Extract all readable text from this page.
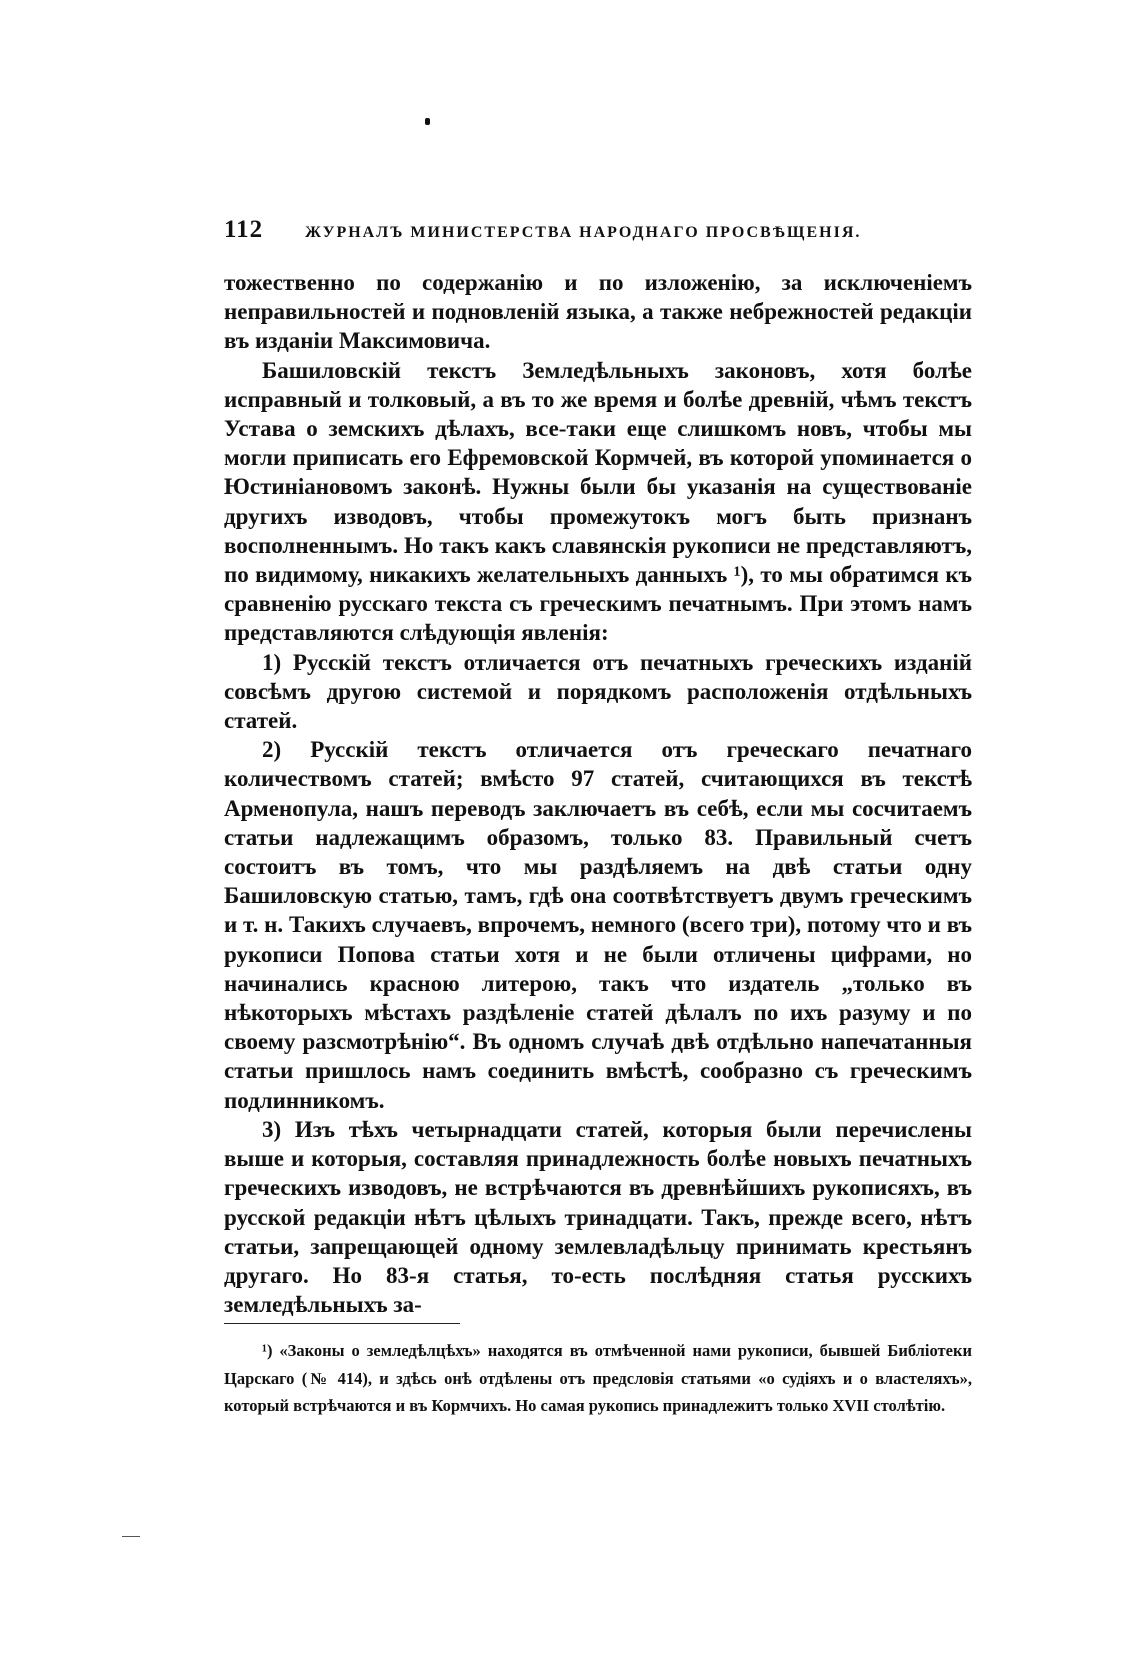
112	ЖУРНАЛЪ МИНИСТЕРСТВА НАРОДНАГО ПРОСВѢЩЕНІЯ.

тожественно по содержанію и по изложенію, за исключеніемъ неправильностей и подновленій языка, а также небрежностей редакціи въ изданіи Максимовича.

Башиловскій текстъ Земледѣльныхъ законовъ, хотя болѣе исправный и толковый, а въ то же время и болѣе древній, чѣмъ текстъ Устава о земскихъ дѣлахъ, все-таки еще слишкомъ новъ, чтобы мы могли приписать его Ефремовской Кормчей, въ которой упоминается о Юстиніановомъ законѣ. Нужны были бы указанія на существованіе другихъ изводовъ, чтобы промежутокъ могъ быть признанъ восполненнымъ. Но такъ какъ славянскія рукописи не представляютъ, по видимому, никакихъ желательныхъ данныхъ ¹), то мы обратимся къ сравненію русскаго текста съ греческимъ печатнымъ. При этомъ намъ представляются слѣдующія явленія:

1) Русскій текстъ отличается отъ печатныхъ греческихъ изданій совсѣмъ другою системой и порядкомъ расположенія отдѣльныхъ статей.

2) Русскій текстъ отличается отъ греческаго печатнаго количествомъ статей; вмѣсто 97 статей, считающихся въ текстѣ Арменопула, нашъ переводъ заключаетъ въ себѣ, если мы сосчитаемъ статьи надлежащимъ образомъ, только 83. Правильный счетъ состоитъ въ томъ, что мы раздѣляемъ на двѣ статьи одну Башиловскую статью, тамъ, гдѣ она соотвѣтствуетъ двумъ греческимъ и т. н. Такихъ случаевъ, впрочемъ, немного (всего три), потому что и въ рукописи Попова статьи хотя и не были отличены цифрами, но начинались красною литерою, такъ что издатель „только въ нѣкоторыхъ мѣстахъ раздѣленіе статей дѣлалъ по ихъ разуму и по своему разсмотрѣнію“. Въ одномъ случаѣ двѣ отдѣльно напечатанныя статьи пришлось намъ соединить вмѣстѣ, сообразно съ греческимъ подлинникомъ.

3) Изъ тѣхъ четырнадцати статей, которыя были перечислены выше и которыя, составляя принадлежность болѣе новыхъ печатныхъ греческихъ изводовъ, не встрѣчаются въ древнѣйшихъ рукописяхъ, въ русской редакціи нѣтъ цѣлыхъ тринадцати. Такъ, прежде всего, нѣтъ статьи, запрещающей одному землевладѣльцу принимать крестьянъ другаго. Но 83-я статья, то-есть послѣдняя статья русскихъ земледѣльныхъ за-

¹) «Законы о земледѣлцѣхъ» находятся въ отмѣченной нами рукописи, бывшей Библіотеки Царскаго (№ 414), и здѣсь онѣ отдѣлены отъ предсловія статьями «о судіяхъ и о властеляхъ», который встрѣчаются и въ Кормчихъ. Но самая рукопись принадлежитъ только XVII столѣтію.
